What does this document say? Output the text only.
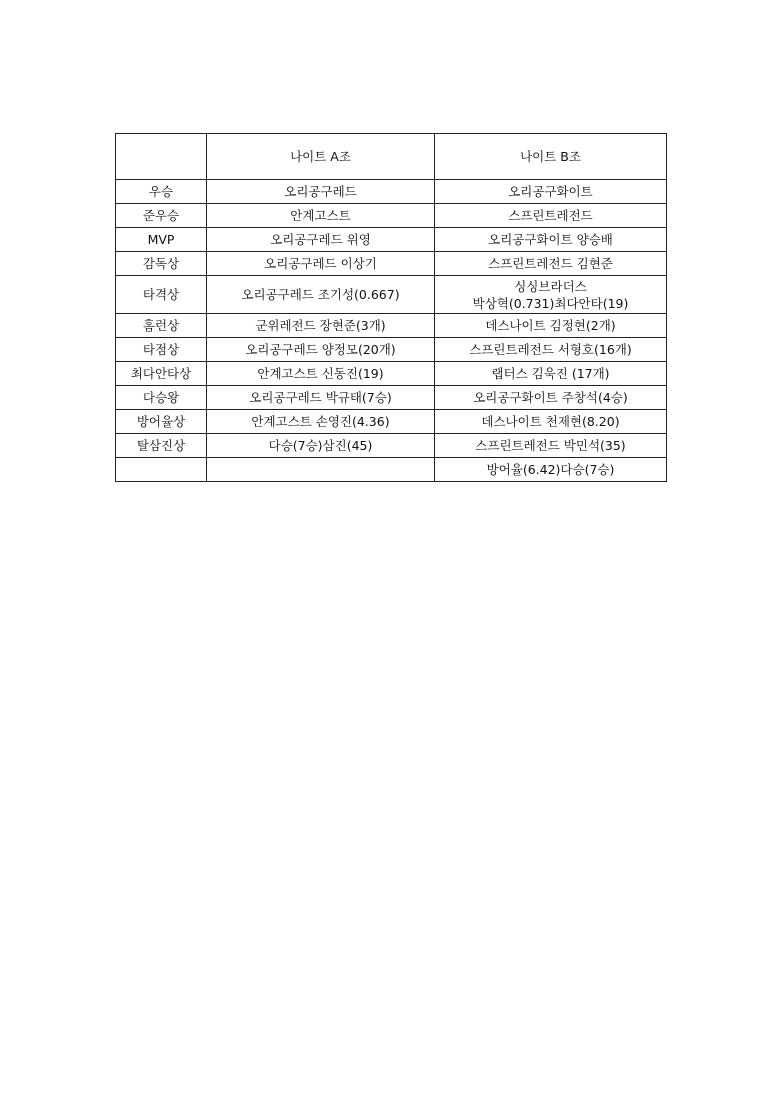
	나이트 A조	나이트 B조
우승	오리공구레드	오리공구화이트
준우승	안계고스트	스프린트레전드
MVP	오리공구레드 위영	오리공구화이트 양승배
감독상	오리공구레드 이상기	스프린트레전드 김현준
타격상	오리공구레드 조기성(0.667)	싱싱브라더스
박상혁(0.731)최다안타(19)

홈런상	군위레전드 장현준(3개)	데스나이트 김정현(2개)
타점상	오리공구레드 양정모(20개)	스프린트레전드 서형호(16개)
최다안타상	안계고스트 신동진(19)	랩터스 김욱진 (17개)
다승왕	오리공구레드 박규태(7승)	오리공구화이트 주창석(4승)
방어율상	안계고스트 손영진(4.36)	데스나이트 천제현(8.20)
탈삼진상	다승(7승)삼진(45)	스프린트레전드 박민석(35)
		방어율(6.42)다승(7승)
